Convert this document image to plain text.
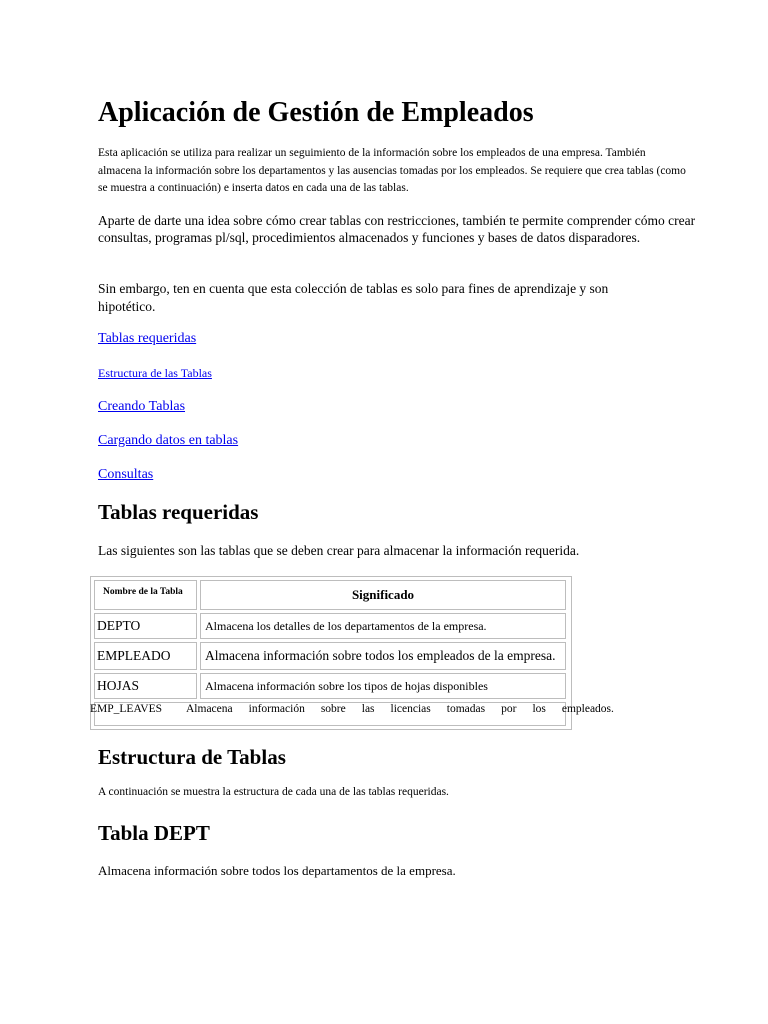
Aplicación de Gestión de Empleados

Esta aplicación se utiliza para realizar un seguimiento de la información sobre los empleados de una empresa. También almacena la información sobre los departamentos y las ausencias tomadas por los empleados. Se requiere que crea tablas (como se muestra a continuación) e inserta datos en cada una de las tablas.

Aparte de darte una idea sobre cómo crear tablas con restricciones, también te permite comprender cómo crear consultas, programas pl/sql, procedimientos almacenados y funciones y bases de datos disparadores.

Sin embargo, ten en cuenta que esta colección de tablas es solo para fines de aprendizaje y son hipotético.

Tablas requeridas
Estructura de las Tablas
Creando Tablas
Cargando datos en tablas
Consultas
Tablas requeridas

Las siguientes son las tablas que se deben crear para almacenar la información requerida.

Nombre de la Tabla	Significado
DEPTO	Almacena los detalles de los departamentos de la empresa.
EMPLEADO	Almacena información sobre todos los empleados de la empresa.
HOJAS	Almacena información sobre los tipos de hojas disponibles
EMP_LEAVES Almacena información sobre las licencias tomadas por los empleados.
Estructura de Tablas

A continuación se muestra la estructura de cada una de las tablas requeridas.

Tabla DEPT

Almacena información sobre todos los departamentos de la empresa.
